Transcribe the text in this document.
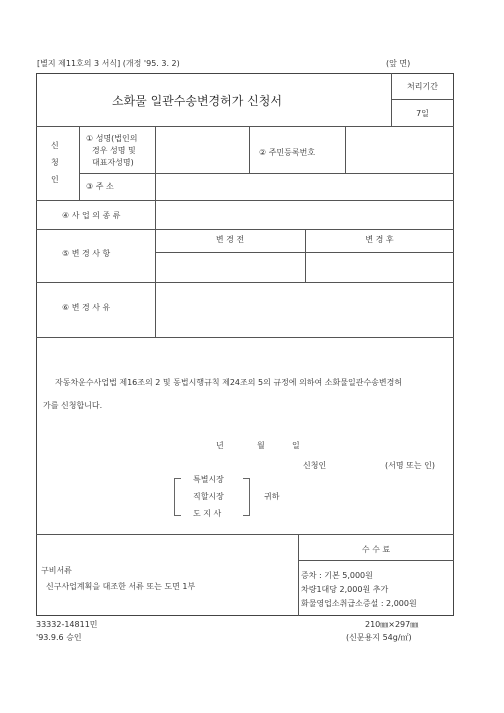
[별지 제11호의 3 서식] (개정 '95. 3. 2)	(앞 면)
소화물 일관수송변경허가 신청서
처리기간
7일
신
청
인
① 성명(법인의
경우 성명 및
대표자성명)
② 주민등록번호
③ 주 소
④ 사 업 의 종 류
⑤ 변 경 사 항
변 경 전	변 경 후
⑥ 변 경 사 유
자동차운수사업법 제16조의 2 및 동법시행규칙 제24조의 5의 규정에 의하여 소화물일관수송변경허
가를 신청합니다.
년	월	일
신청인	(서명 또는 인)
특별시장
직할시장
도 지 사
귀하
구비서류
신구사업계획을 대조한 서류 또는 도면 1부
수 수 료
증차 : 기본 5,000원
차량1대당 2,000원 추가
화물영업소취급소증설 : 2,000원
33332-14811민	210㎜×297㎜
'93.9.6 승인	(신문용지 54g/㎡)
